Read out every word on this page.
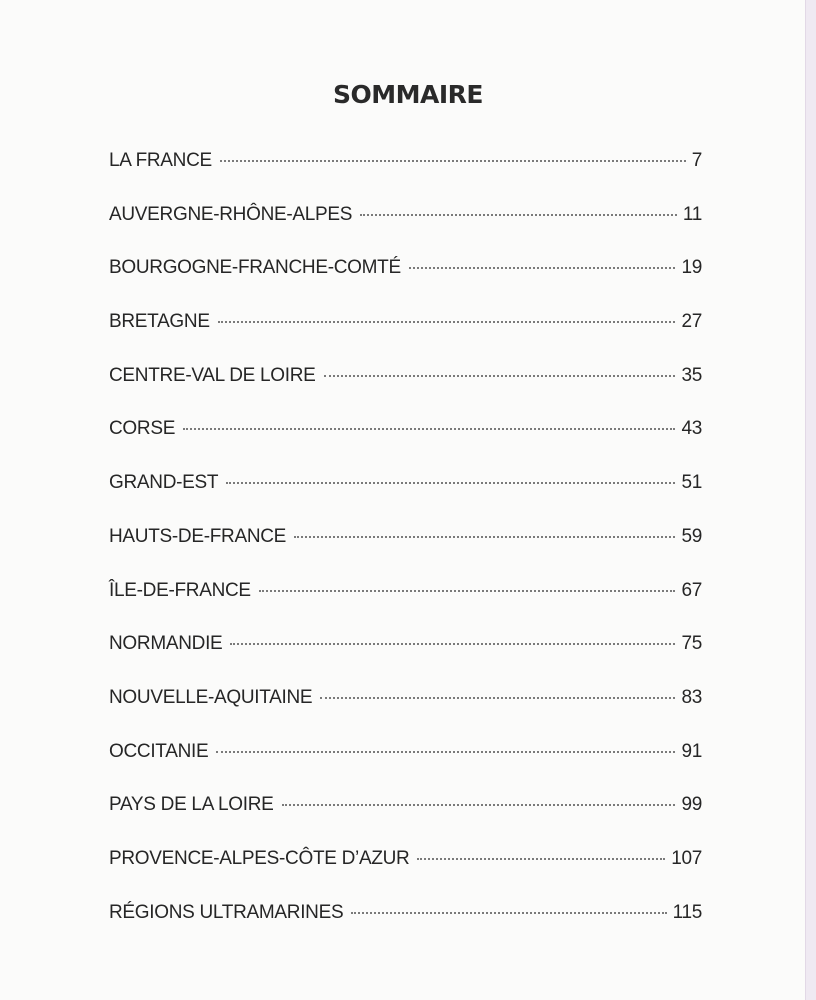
SOMMAIRE
LA FRANCE	7
AUVERGNE-RHÔNE-ALPES	11
BOURGOGNE-FRANCHE-COMTÉ	19
BRETAGNE	27
CENTRE-VAL DE LOIRE	35
CORSE	43
GRAND-EST	51
HAUTS-DE-FRANCE	59
ÎLE-DE-FRANCE	67
NORMANDIE	75
NOUVELLE-AQUITAINE	83
OCCITANIE	91
PAYS DE LA LOIRE	99
PROVENCE-ALPES-CÔTE D’AZUR	107
RÉGIONS ULTRAMARINES	115
